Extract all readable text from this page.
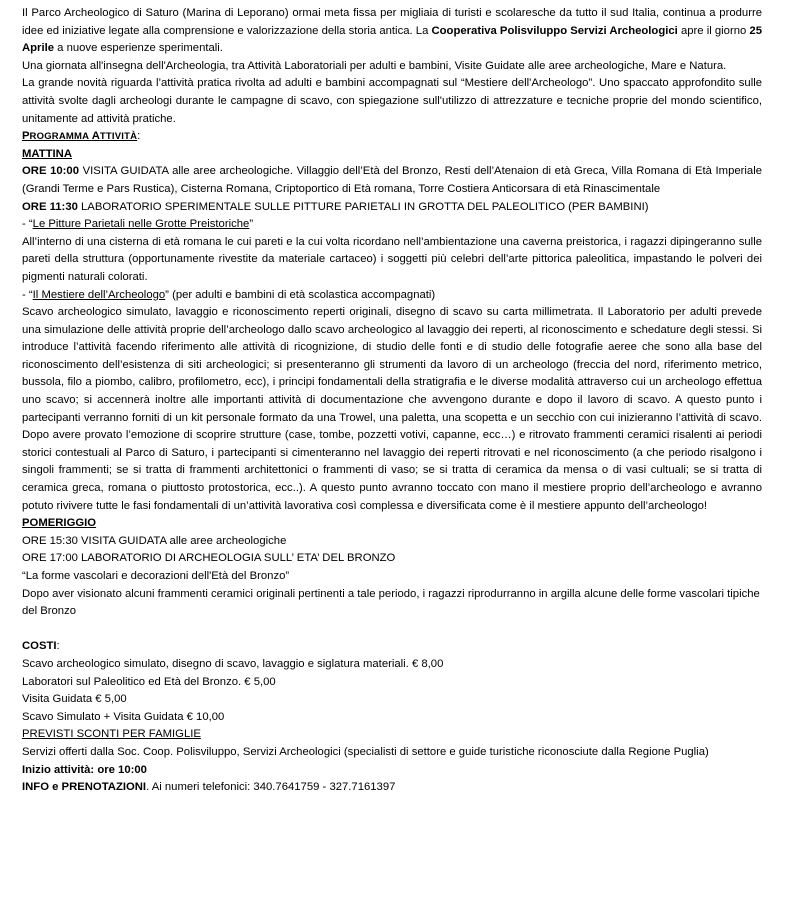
Il Parco Archeologico di Saturo (Marina di Leporano) ormai meta fissa per migliaia di turisti e scolaresche da tutto il sud Italia, continua a produrre idee ed iniziative legate alla comprensione e valorizzazione della storia antica. La Cooperativa Polisviluppo Servizi Archeologici apre il giorno 25 Aprile a nuove esperienze sperimentali.

Una giornata all'insegna dell'Archeologia, tra Attività Laboratoriali per adulti e bambini, Visite Guidate alle aree archeologiche, Mare e Natura.

La grande novità riguarda l’attività pratica rivolta ad adulti e bambini accompagnati sul “Mestiere dell'Archeologo”. Uno spaccato approfondito sulle attività svolte dagli archeologi durante le campagne di scavo, con spiegazione sull'utilizzo di attrezzature e tecniche proprie del mondo scientifico, unitamente ad attività pratiche.

PROGRAMMA ATTIVITÀ:

MATTINA

ORE 10:00 VISITA GUIDATA alle aree archeologiche. Villaggio dell’Età del Bronzo, Resti dell’Atenaion di età Greca, Villa Romana di Età Imperiale (Grandi Terme e Pars Rustica), Cisterna Romana, Criptoportico di Età romana, Torre Costiera Anticorsara di età Rinascimentale

ORE 11:30 LABORATORIO SPERIMENTALE SULLE PITTURE PARIETALI IN GROTTA DEL PALEOLITICO (PER BAMBINI)

- “Le Pitture Parietali nelle Grotte Preistoriche”

All’interno di una cisterna di età romana le cui pareti e la cui volta ricordano nell’ambientazione una caverna preistorica, i ragazzi dipingeranno sulle pareti della struttura (opportunamente rivestite da materiale cartaceo) i soggetti più celebri dell’arte pittorica paleolitica, impastando le polveri dei pigmenti naturali colorati.

- “Il Mestiere dell’Archeologo” (per adulti e bambini di età scolastica accompagnati)

Scavo archeologico simulato, lavaggio e riconoscimento reperti originali, disegno di scavo su carta millimetrata. Il Laboratorio per adulti prevede una simulazione delle attività proprie dell’archeologo dallo scavo archeologico al lavaggio dei reperti, al riconoscimento e schedature degli stessi. Si introduce l’attività facendo riferimento alle attività di ricognizione, di studio delle fonti e di studio delle fotografie aeree che sono alla base del riconoscimento dell’esistenza di siti archeologici; si presenteranno gli strumenti da lavoro di un archeologo (freccia del nord, riferimento metrico, bussola, filo a piombo, calibro, profilometro, ecc), i principi fondamentali della stratigrafia e le diverse modalità attraverso cui un archeologo effettua uno scavo; si accennerà inoltre alle importanti attività di documentazione che avvengono durante e dopo il lavoro di scavo. A questo punto i partecipanti verranno forniti di un kit personale formato da una Trowel, una paletta, una scopetta e un secchio con cui inizieranno l’attività di scavo. Dopo avere provato l’emozione di scoprire strutture (case, tombe, pozzetti votivi, capanne, ecc…) e ritrovato frammenti ceramici risalenti ai periodi storici contestuali al Parco di Saturo, i partecipanti si cimenteranno nel lavaggio dei reperti ritrovati e nel riconoscimento (a che periodo risalgono i singoli frammenti; se si tratta di frammenti architettonici o frammenti di vaso; se si tratta di ceramica da mensa o di vasi cultuali; se si tratta di ceramica greca, romana o piuttosto protostorica, ecc..). A questo punto avranno toccato con mano il mestiere proprio dell’archeologo e avranno potuto rivivere tutte le fasi fondamentali di un’attività lavorativa così complessa e diversificata come è il mestiere appunto dell’archeologo!

POMERIGGIO

ORE 15:30 VISITA GUIDATA alle aree archeologiche

ORE 17:00 LABORATORIO DI ARCHEOLOGIA SULL’ ETA’ DEL BRONZO

“La forme vascolari e decorazioni dell'Età del Bronzo”

Dopo aver visionato alcuni frammenti ceramici originali pertinenti a tale periodo, i ragazzi riprodurranno in argilla alcune delle forme vascolari tipiche del Bronzo

COSTI:

Scavo archeologico simulato, disegno di scavo, lavaggio e siglatura materiali. € 8,00

Laboratori sul Paleolitico ed Età del Bronzo. € 5,00

Visita Guidata € 5,00

Scavo Simulato + Visita Guidata € 10,00

PREVISTI SCONTI PER FAMIGLIE

Servizi offerti dalla Soc. Coop. Polisviluppo, Servizi Archeologici (specialisti di settore e guide turistiche riconosciute dalla Regione Puglia)

Inizio attività: ore 10:00

INFO e PRENOTAZIONI. Ai numeri telefonici: 340.7641759 - 327.7161397
